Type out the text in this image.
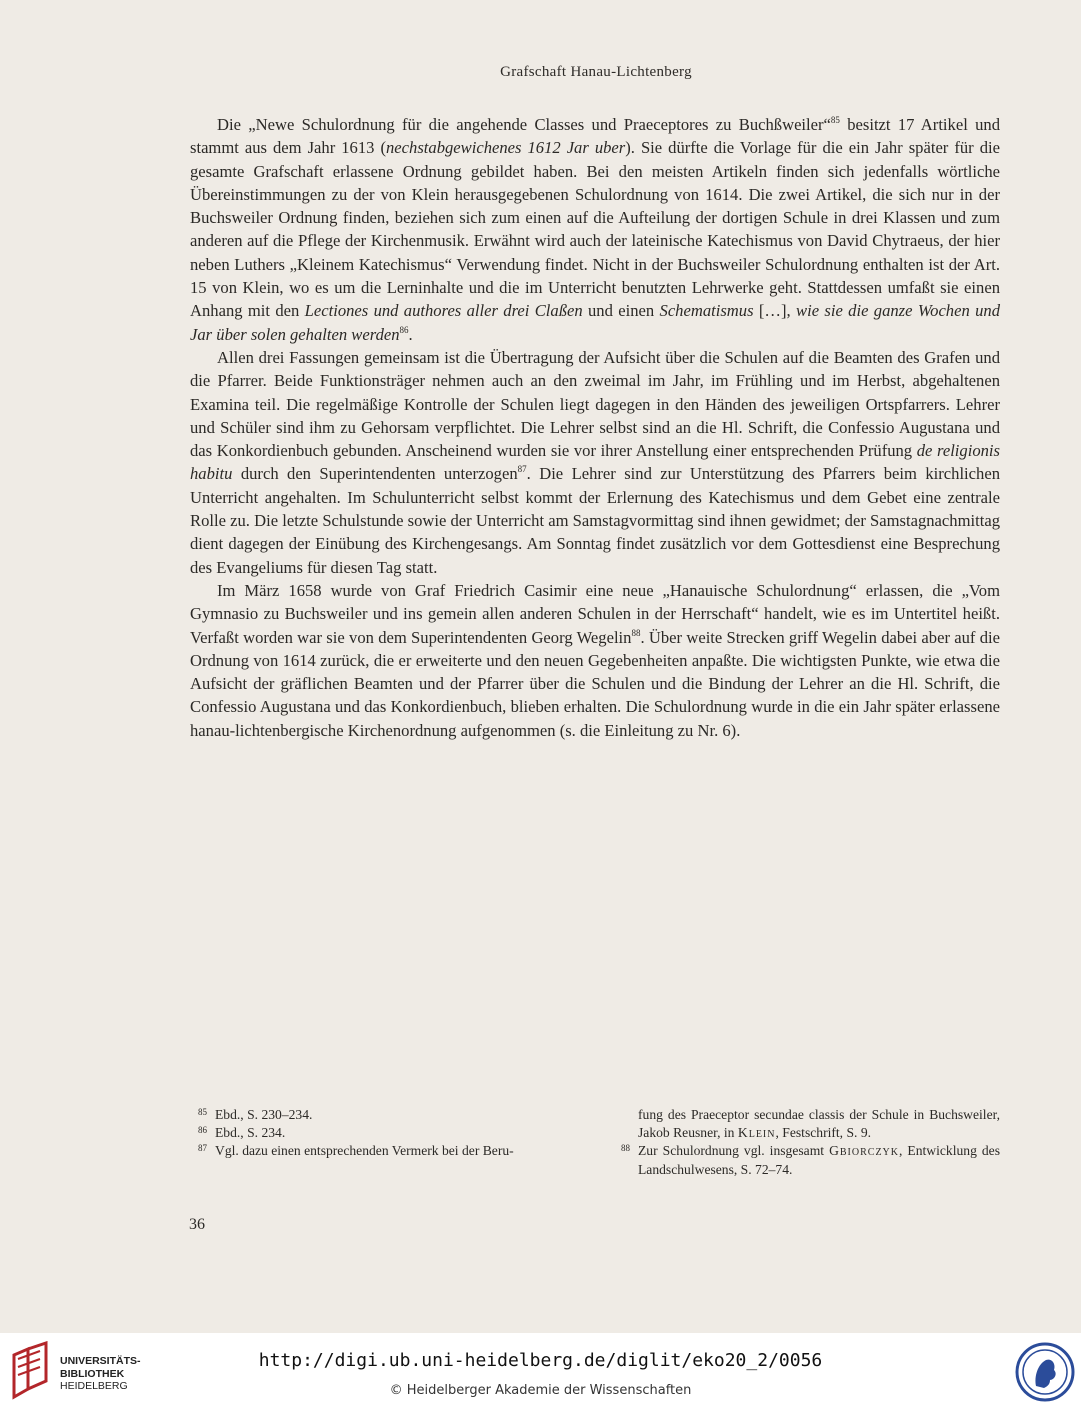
Grafschaft Hanau-Lichtenberg

Die „Newe Schulordnung für die angehende Classes und Praeceptores zu Buchßweiler“$^{85}$ besitzt 17 Artikel und stammt aus dem Jahr 1613 (nechstabgewichenes 1612 Jar uber). Sie dürfte die Vorlage für die ein Jahr später für die gesamte Grafschaft erlassene Ordnung gebildet haben. Bei den meisten Artikeln finden sich jedenfalls wörtliche Übereinstimmungen zu der von Klein herausgegebenen Schulordnung von 1614. Die zwei Artikel, die sich nur in der Buchsweiler Ordnung finden, beziehen sich zum einen auf die Aufteilung der dortigen Schule in drei Klassen und zum anderen auf die Pflege der Kirchenmusik. Erwähnt wird auch der lateinische Katechismus von David Chytraeus, der hier neben Luthers „Kleinem Katechismus“ Verwendung findet. Nicht in der Buchsweiler Schulordnung enthalten ist der Art. 15 von Klein, wo es um die Lerninhalte und die im Unterricht benutzten Lehrwerke geht. Stattdessen umfaßt sie einen Anhang mit den Lectiones und authores aller drei Claßen und einen Schematismus […], wie sie die ganze Wochen und Jar über solen gehalten werden$^{86}$.

Allen drei Fassungen gemeinsam ist die Übertragung der Aufsicht über die Schulen auf die Beamten des Grafen und die Pfarrer. Beide Funktionsträger nehmen auch an den zweimal im Jahr, im Frühling und im Herbst, abgehaltenen Examina teil. Die regelmäßige Kontrolle der Schulen liegt dagegen in den Händen des jeweiligen Ortspfarrers. Lehrer und Schüler sind ihm zu Gehorsam verpflichtet. Die Lehrer selbst sind an die Hl. Schrift, die Confessio Augustana und das Konkordienbuch gebunden. Anscheinend wurden sie vor ihrer Anstellung einer entsprechenden Prüfung de religionis habitu durch den Superintendenten unterzogen$^{87}$. Die Lehrer sind zur Unterstützung des Pfarrers beim kirchlichen Unterricht angehalten. Im Schulunterricht selbst kommt der Erlernung des Katechismus und dem Gebet eine zentrale Rolle zu. Die letzte Schulstunde sowie der Unterricht am Samstagvormittag sind ihnen gewidmet; der Samstagnachmittag dient dagegen der Einübung des Kirchengesangs. Am Sonntag findet zusätzlich vor dem Gottesdienst eine Besprechung des Evangeliums für diesen Tag statt.

Im März 1658 wurde von Graf Friedrich Casimir eine neue „Hanauische Schulordnung“ erlassen, die „Vom Gymnasio zu Buchsweiler und ins gemein allen anderen Schulen in der Herrschaft“ handelt, wie es im Untertitel heißt. Verfaßt worden war sie von dem Superintendenten Georg Wegelin$^{88}$. Über weite Strecken griff Wegelin dabei aber auf die Ordnung von 1614 zurück, die er erweiterte und den neuen Gegebenheiten anpaßte. Die wichtigsten Punkte, wie etwa die Aufsicht der gräflichen Beamten und der Pfarrer über die Schulen und die Bindung der Lehrer an die Hl. Schrift, die Confessio Augustana und das Konkordienbuch, blieben erhalten. Die Schulordnung wurde in die ein Jahr später erlassene hanau-lichtenbergische Kirchenordnung aufgenommen (s. die Einleitung zu Nr. 6).

85 Ebd., S. 230–234.
86 Ebd., S. 234.
87 Vgl. dazu einen entsprechenden Vermerk bei der Beru-
fung des Praeceptor secundae classis der Schule in Buchsweiler, Jakob Reusner, in Klein, Festschrift, S. 9.
88 Zur Schulordnung vgl. insgesamt Gbiorczyk, Entwicklung des Landschulwesens, S. 72–74.
36
UNIVERSITÄTS-
BIBLIOTHEK
HEIDELBERG
http://digi.ub.uni-heidelberg.de/diglit/eko20_2/0056
© Heidelberger Akademie der Wissenschaften
